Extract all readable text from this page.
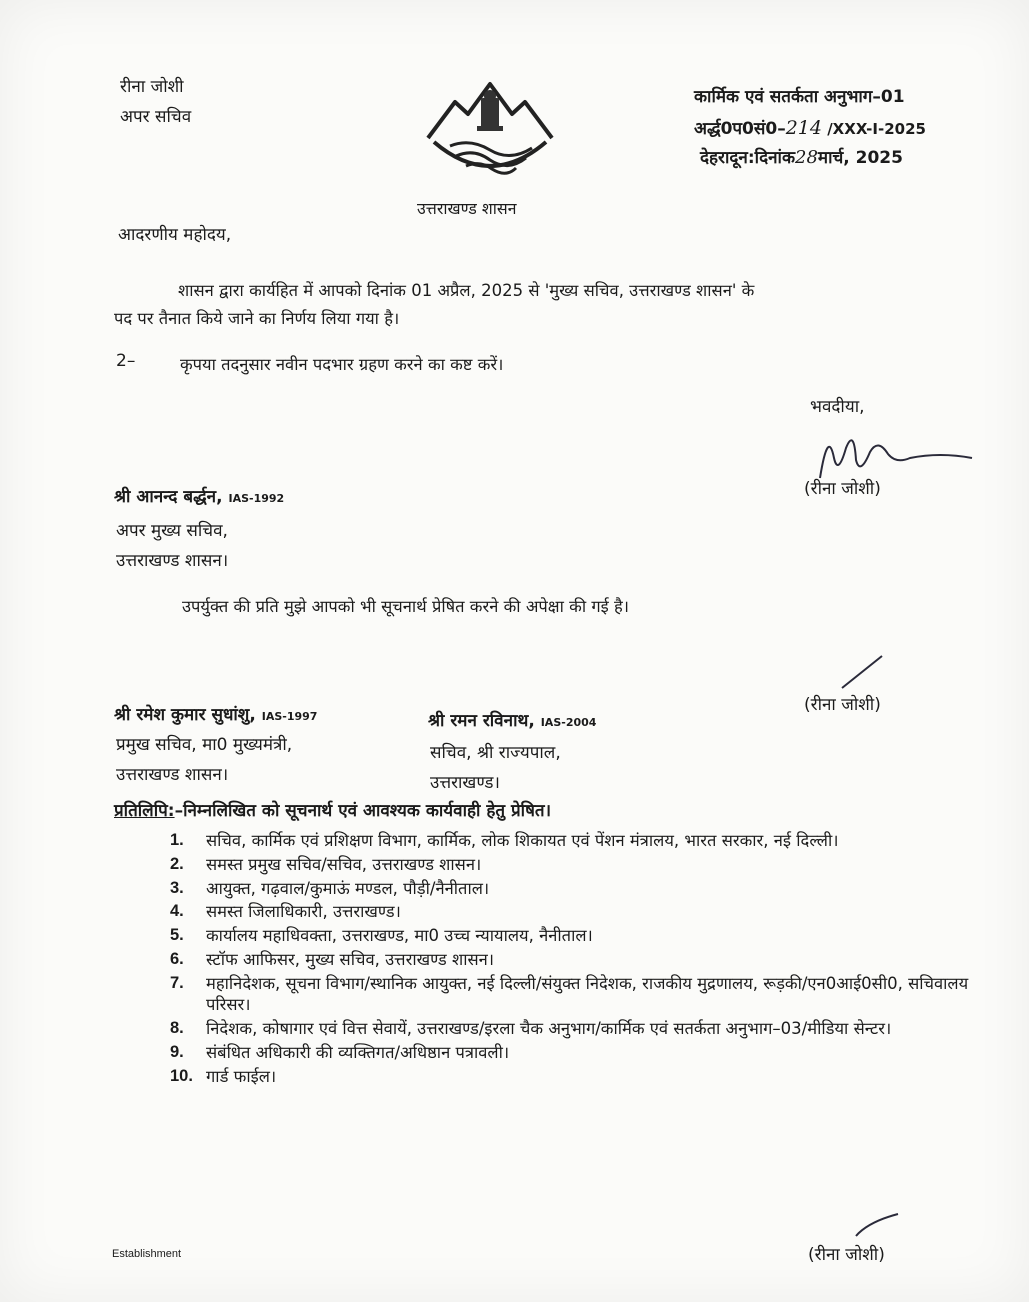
रीना जोशी
अपर सचिव
उत्तराखण्ड शासन
कार्मिक एवं सतर्कता अनुभाग–01
अर्द्ध0प0सं0–214 /XXX-I-2025
देहरादून:दिनांक28मार्च, 2025
आदरणीय महोदय,
शासन द्वारा कार्यहित में आपको दिनांक 01 अप्रैल, 2025 से 'मुख्य सचिव, उत्तराखण्ड शासन' के
पद पर तैनात किये जाने का निर्णय लिया गया है।
2–	कृपया तदनुसार नवीन पदभार ग्रहण करने का कष्ट करें।
भवदीया,
(रीना जोशी)
श्री आनन्द बर्द्धन, IAS-1992
अपर मुख्य सचिव,
उत्तराखण्ड शासन।
उपर्युक्त की प्रति मुझे आपको भी सूचनार्थ प्रेषित करने की अपेक्षा की गई है।
(रीना जोशी)
श्री रमेश कुमार सुधांशु, IAS-1997
प्रमुख सचिव, मा0 मुख्यमंत्री,
उत्तराखण्ड शासन।
श्री रमन रविनाथ, IAS-2004
सचिव, श्री राज्यपाल,
उत्तराखण्ड।
प्रतिलिपि:–निम्नलिखित को सूचनार्थ एवं आवश्यक कार्यवाही हेतु प्रेषित।
1.	सचिव, कार्मिक एवं प्रशिक्षण विभाग, कार्मिक, लोक शिकायत एवं पेंशन मंत्रालय, भारत सरकार, नई दिल्ली।
2.	समस्त प्रमुख सचिव/सचिव, उत्तराखण्ड शासन।
3.	आयुक्त, गढ़वाल/कुमाऊं मण्डल, पौड़ी/नैनीताल।
4.	समस्त जिलाधिकारी, उत्तराखण्ड।
5.	कार्यालय महाधिवक्ता, उत्तराखण्ड, मा0 उच्च न्यायालय, नैनीताल।
6.	स्टॉफ आफिसर, मुख्य सचिव, उत्तराखण्ड शासन।
7.	महानिदेशक, सूचना विभाग/स्थानिक आयुक्त, नई दिल्ली/संयुक्त निदेशक, राजकीय मुद्रणालय, रूड़की/एन0आई0सी0, सचिवालय परिसर।
8.	निदेशक, कोषागार एवं वित्त सेवायें, उत्तराखण्ड/इरला चैक अनुभाग/कार्मिक एवं सतर्कता अनुभाग–03/मीडिया सेन्टर।
9.	संबंधित अधिकारी की व्यक्तिगत/अधिष्ठान पत्रावली।
10. गार्ड फाईल।
Establishment	(रीना जोशी)
